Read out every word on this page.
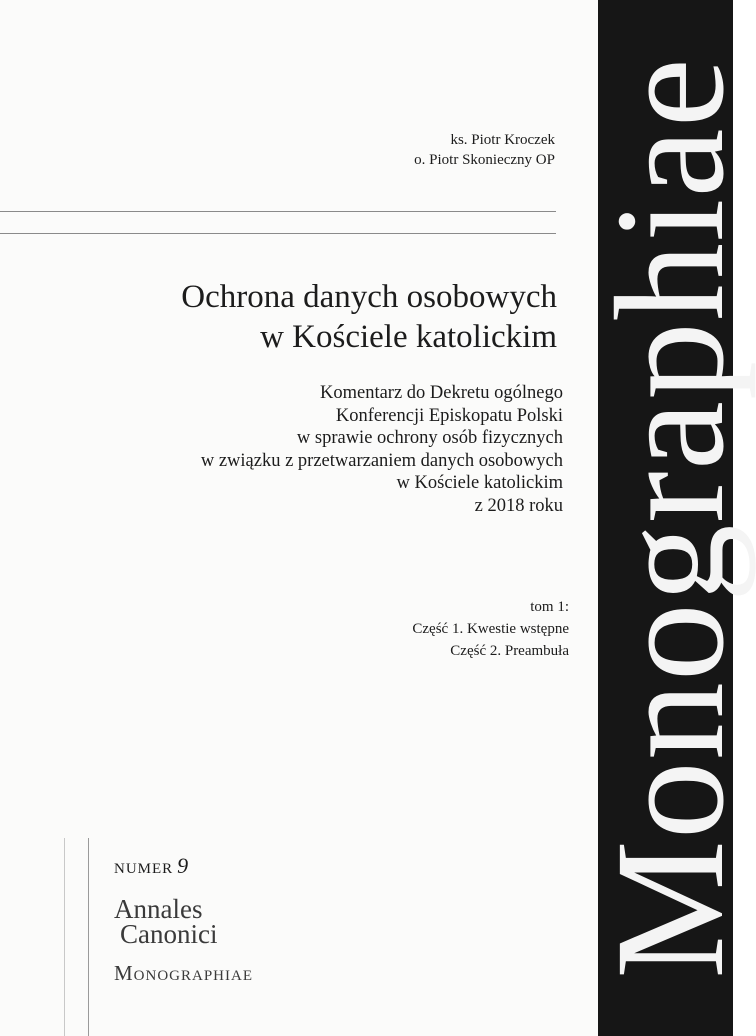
ks. Piotr Kroczek
o. Piotr Skonieczny OP
Ochrona danych osobowych
w Kościele katolickim
Komentarz do Dekretu ogólnego
Konferencji Episkopatu Polski
w sprawie ochrony osób fizycznych
w związku z przetwarzaniem danych osobowych
w Kościele katolickim
z 2018 roku
tom 1:
Część 1. Kwestie wstępne
Część 2. Preambuła
NUMER 9
Annales
Canonici
Monographiae Monographiae
